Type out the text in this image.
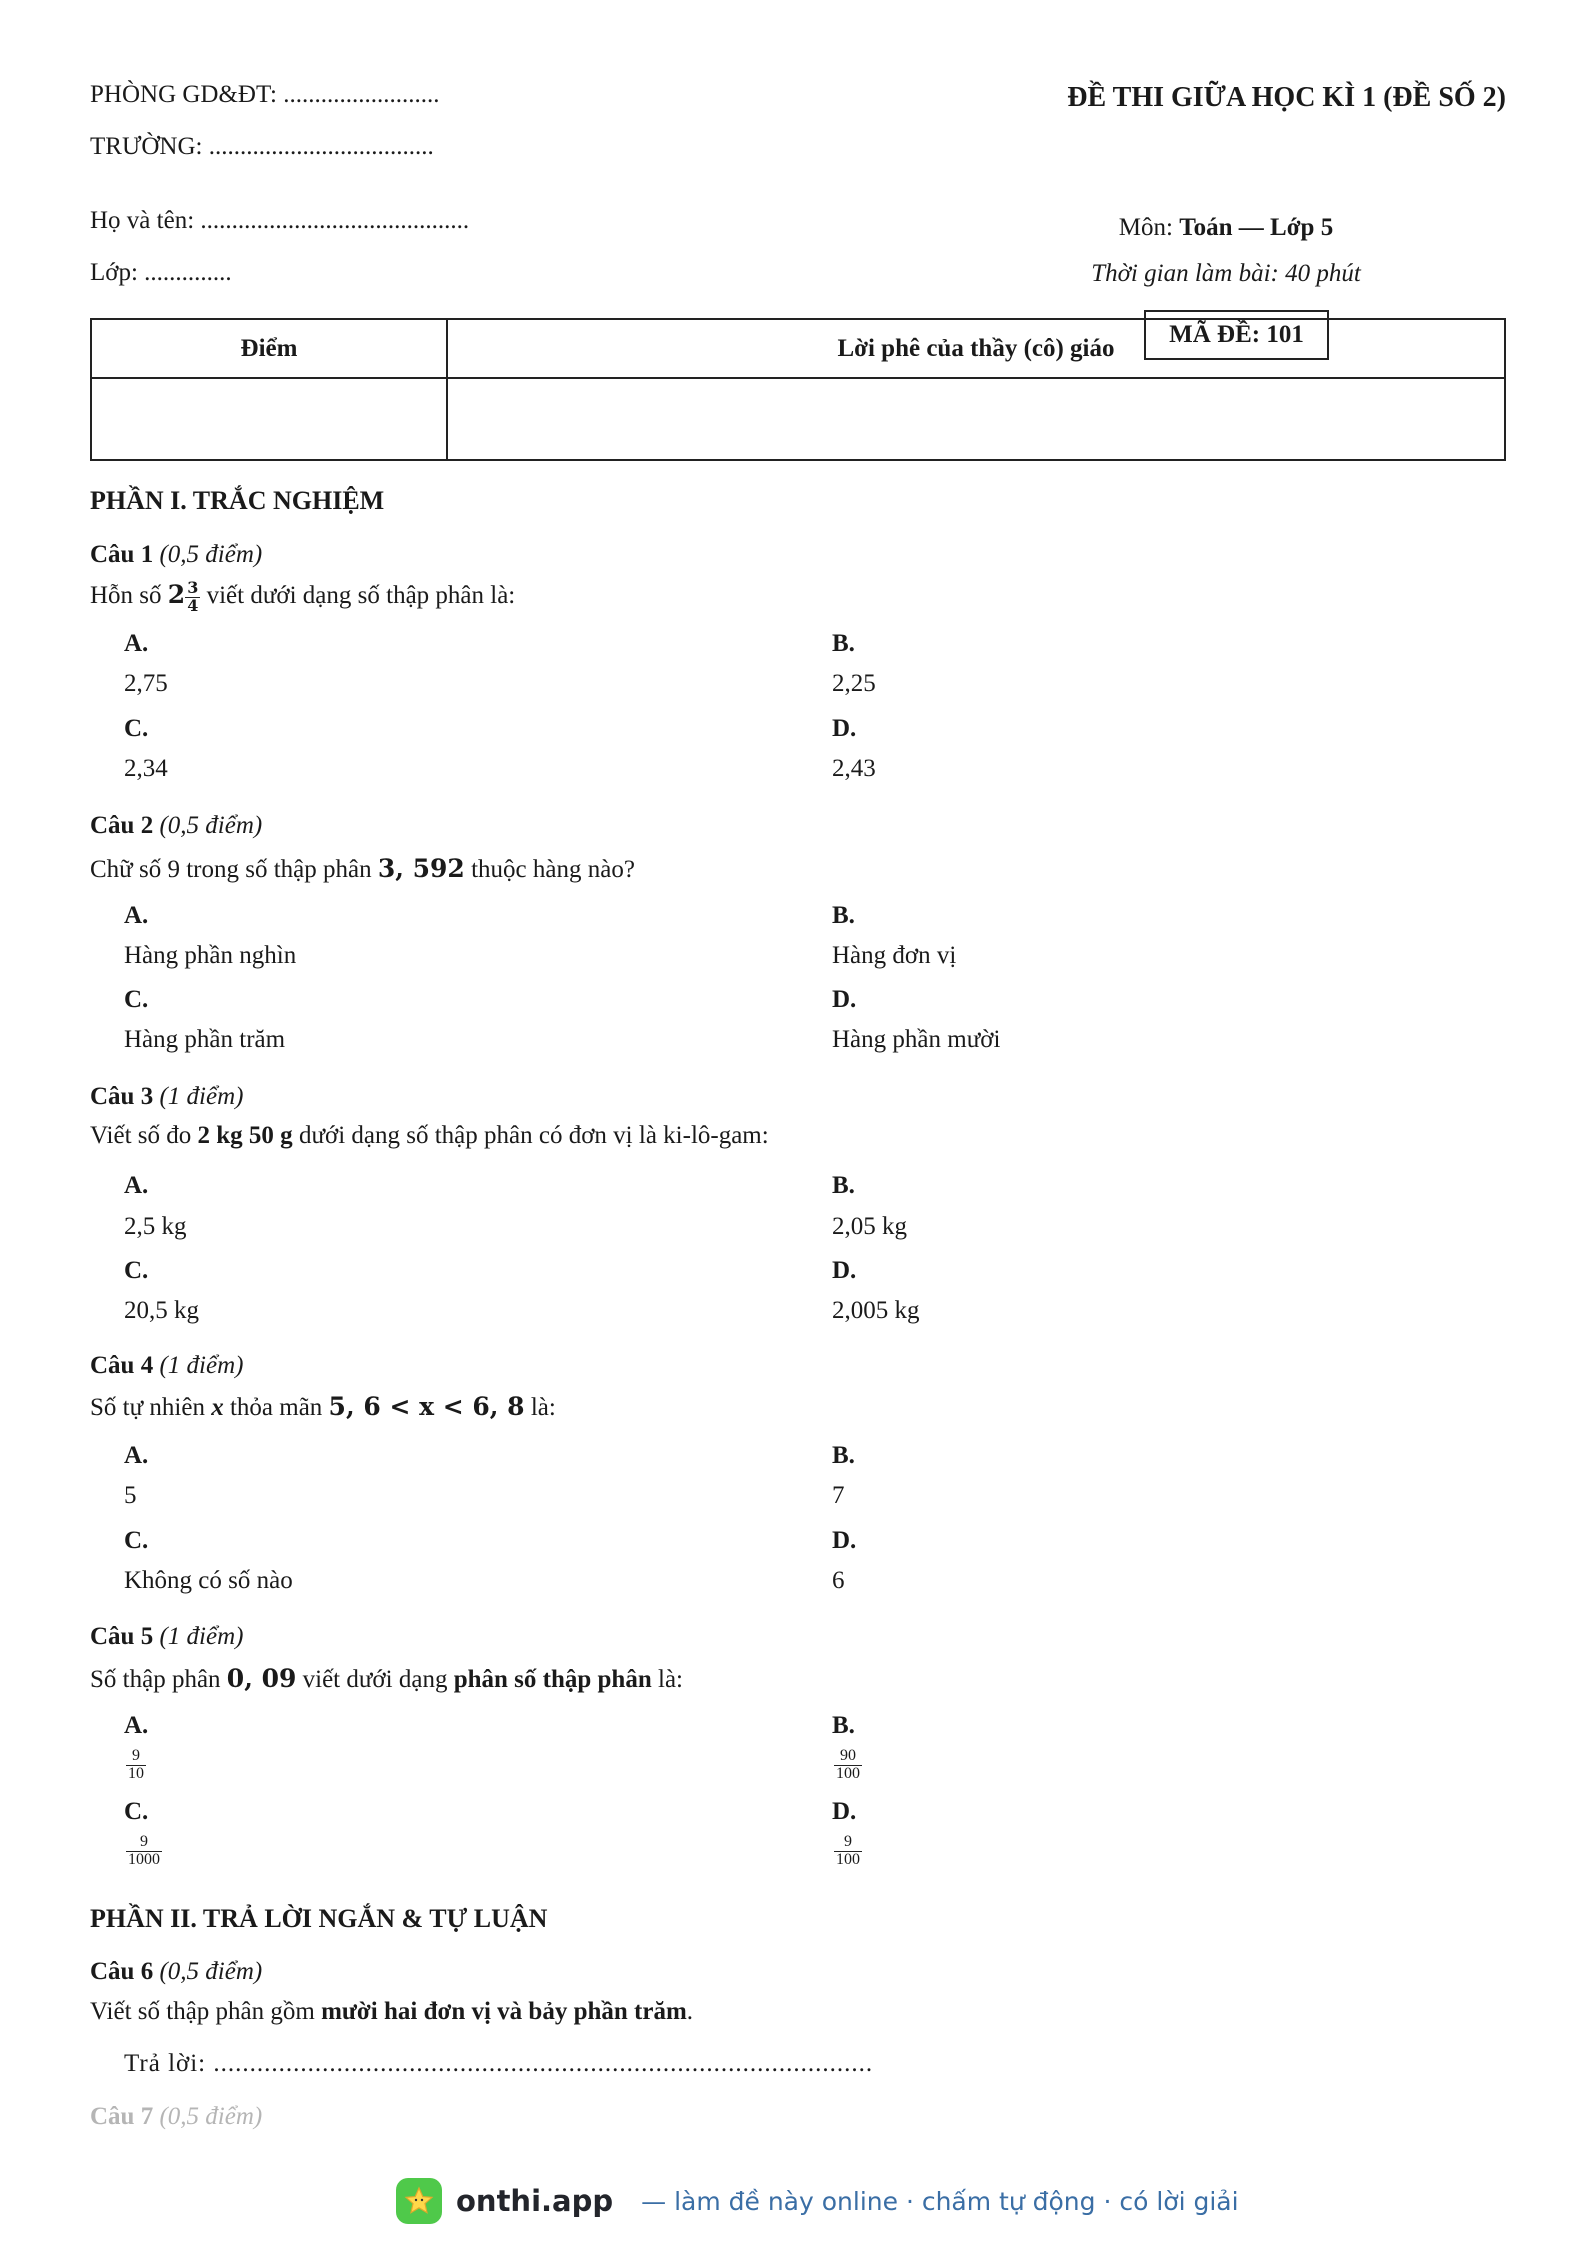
PHÒNG GD&ĐT: .........................
TRƯỜNG: ....................................
Họ và tên: ...........................................
Lớp: ..............
ĐỀ THI GIỮA HỌC KÌ 1 (ĐỀ SỐ 2)
Môn: Toán — Lớp 5
Thời gian làm bài: 40 phút
MÃ ĐỀ: 101
Điểm	Lời phê của thầy (cô) giáo

PHẦN I. TRẮC NGHIỆM
Câu 1 (0,5 điểm)
Hỗn số $2 \frac{3}{4}$ viết dưới dạng số thập phân là:
A.
2,75
B.
2,25
C.
2,34
D.
2,43
Câu 2 (0,5 điểm)
Chữ số 9 trong số thập phân 3, 592 thuộc hàng nào?
A.
Hàng phần nghìn
B.
Hàng đơn vị
C.
Hàng phần trăm
D.
Hàng phần mười
Câu 3 (1 điểm)
Viết số đo 2 kg 50 g dưới dạng số thập phân có đơn vị là ki-lô-gam:
A.
2,5 kg
B.
2,05 kg
C.
20,5 kg
D.
2,005 kg
Câu 4 (1 điểm)
Số tự nhiên x thỏa mãn 5, 6 < x < 6, 8 là:
A.
5
B.
7
C.
Không có số nào
D.
6
Câu 5 (1 điểm)
Số thập phân 0, 09 viết dưới dạng phân số thập phân là:
A.
$\frac{9}{10}$
B.
$\frac{90}{100}$
C.
$\frac{9}{1000}$
D.
$\frac{9}{100}$
PHẦN II. TRẢ LỜI NGẮN & TỰ LUẬN
Câu 6 (0,5 điểm)
Viết số thập phân gồm mười hai đơn vị và bảy phần trăm.
Trả lời: ...........................................................................................
Câu 7 (0,5 điểm)
onthi.app — làm đề này online · chấm tự động · có lời giải
